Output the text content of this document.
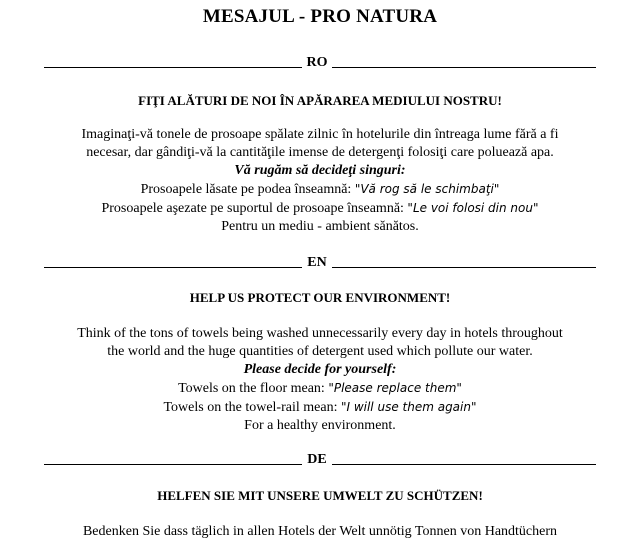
MESAJUL - PRO NATURA
RO
FIŢI ALĂTURI DE NOI ÎN APĂRAREA MEDIULUI NOSTRU!
Imaginaţi-vă tonele de prosoape spălate zilnic în hotelurile din întreaga lume fără a fi
necesar, dar gândiţi-vă la cantităţile imense de detergenţi folosiţi care poluează apa.
Vă rugăm să decideţi singuri:
Prosoapele lăsate pe podea înseamnă: "Vă rog să le schimbaţi"
Prosoapele aşezate pe suportul de prosoape înseamnă: "Le voi folosi din nou"
Pentru un mediu - ambient sănătos.
EN
HELP US PROTECT OUR ENVIRONMENT!
Think of the tons of towels being washed unnecessarily every day in hotels throughout
the world and the huge quantities of detergent used which pollute our water.
Please decide for yourself:
Towels on the floor mean: "Please replace them"
Towels on the towel-rail mean: "I will use them again"
For a healthy environment.
DE
HELFEN SIE MIT UNSERE UMWELT ZU SCHÜTZEN!
Bedenken Sie dass täglich in allen Hotels der Welt unnötig Tonnen von Handtüchern
